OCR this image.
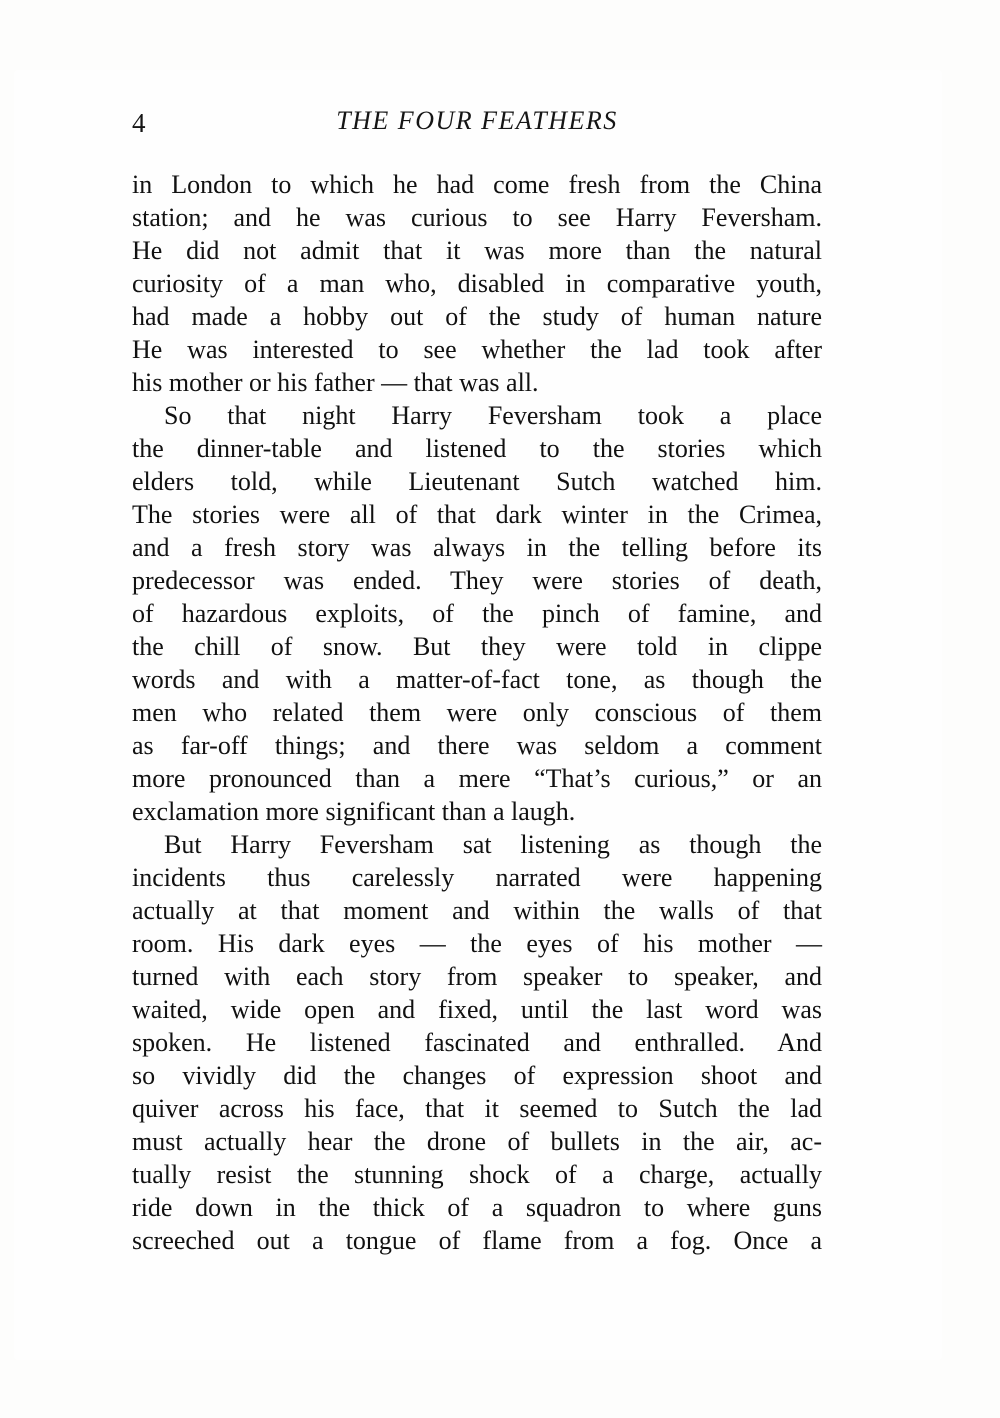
4	THE FOUR FEATHERS
in London to which he had come fresh from the China
station; and he was curious to see Harry Feversham.
He did not admit that it was more than the natural
curiosity of a man who, disabled in comparative youth,
had made a hobby out of the study of human nature
He was interested to see whether the lad took after
his mother or his father — that was all.
So that night Harry Feversham took a place
the dinner-table and listened to the stories which
elders told, while Lieutenant Sutch watched him.
The stories were all of that dark winter in the Crimea,
and a fresh story was always in the telling before its
predecessor was ended. They were stories of death,
of hazardous exploits, of the pinch of famine, and
the chill of snow. But they were told in clippe
words and with a matter-of-fact tone, as though the
men who related them were only conscious of them
as far-off things; and there was seldom a comment
more pronounced than a mere “That’s curious,” or an
exclamation more significant than a laugh.
But Harry Feversham sat listening as though the
incidents thus carelessly narrated were happening
actually at that moment and within the walls of that
room. His dark eyes — the eyes of his mother —
turned with each story from speaker to speaker, and
waited, wide open and fixed, until the last word was
spoken. He listened fascinated and enthralled. And
so vividly did the changes of expression shoot and
quiver across his face, that it seemed to Sutch the lad
must actually hear the drone of bullets in the air, ac-
tually resist the stunning shock of a charge, actually
ride down in the thick of a squadron to where guns
screeched out a tongue of flame from a fog. Once a
